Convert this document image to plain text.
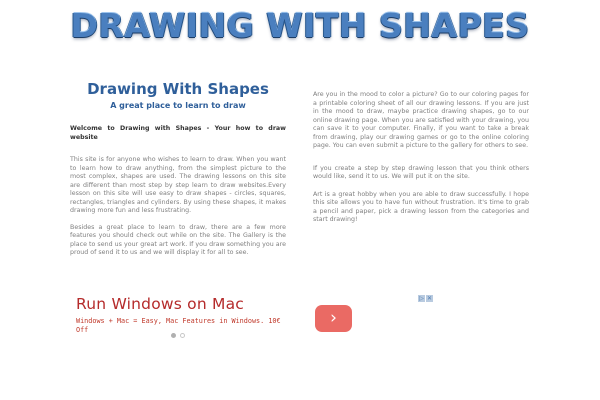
DRAWING WITH SHAPES
Drawing With Shapes
A great place to learn to draw
Welcome to Drawing with Shapes - Your how to draw website

This site is for anyone who wishes to learn to draw. When you want to learn how to draw anything, from the simplest picture to the most complex, shapes are used. The drawing lessons on this site are different than most step by step learn to draw websites.Every lesson on this site will use easy to draw shapes - circles, squares, rectangles, triangles and cylinders. By using these shapes, it makes drawing more fun and less frustrating.

Besides a great place to learn to draw, there are a few more features you should check out while on the site. The Gallery is the place to send us your great art work. If you draw something you are proud of send it to us and we will display it for all to see.

Are you in the mood to color a picture? Go to our coloring pages for a printable coloring sheet of all our drawing lessons. If you are just in the mood to draw, maybe practice drawing shapes, go to our online drawing page. When you are satisfied with your drawing, you can save it to your computer. Finally, if you want to take a break from drawing, play our drawing games or go to the online coloring page. You can even submit a picture to the gallery for others to see.

If you create a step by step drawing lesson that you think others would like, send it to us. We will put it on the site.

Art is a great hobby when you are able to draw successfully. I hope this site allows you to have fun without frustration. It's time to grab a pencil and paper, pick a drawing lesson from the categories and start drawing!

Run Windows on Mac
Windows + Mac = Easy, Mac Features in Windows. 10€ Off
›
▷ ✕
